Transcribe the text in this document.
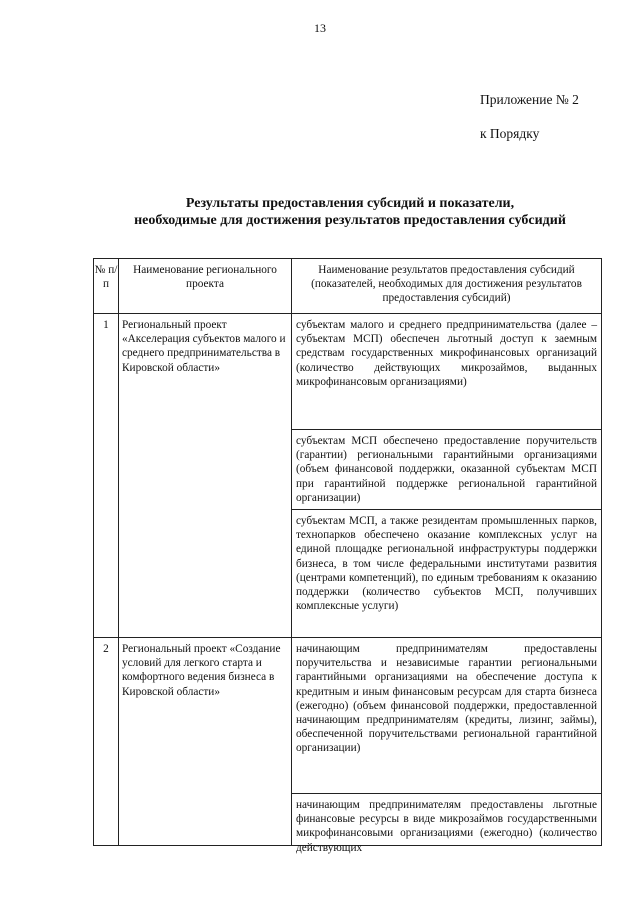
13
Приложение № 2
к Порядку
Результаты предоставления субсидий и показатели,
необходимые для достижения результатов предоставления субсидий
№ п/п	Наименование регионального проекта	Наименование результатов предоставления субсидий (показателей, необходимых для достижения результатов предоставления субсидий)
1	Региональный проект «Акселерация субъектов малого и среднего предпринимательства в Кировской области»	субъектам малого и среднего предпринимательства (далее – субъектам МСП) обеспечен льготный доступ к заемным средствам государственных микрофинансовых организаций (количество действующих микрозаймов, выданных микрофинансовым организациями)
		субъектам МСП обеспечено предоставление поручительств (гарантии) региональными гарантийными организациями (объем финансовой поддержки, оказанной субъектам МСП при гарантийной поддержке региональной гарантийной организации)
		субъектам МСП, а также резидентам промышленных парков, технопарков обеспечено оказание комплексных услуг на единой площадке региональной инфраструктуры поддержки бизнеса, в том числе федеральными институтами развития (центрами компетенций), по единым требованиям к оказанию поддержки (количество субъектов МСП, получивших комплексные услуги)
2	Региональный проект «Создание условий для легкого старта и комфортного ведения бизнеса в Кировской области»	начинающим предпринимателям предоставлены поручительства и независимые гарантии региональными гарантийными организациями на обеспечение доступа к кредитным и иным финансовым ресурсам для старта бизнеса (ежегодно) (объем финансовой поддержки, предоставленной начинающим предпринимателям (кредиты, лизинг, займы), обеспеченной поручительствами региональной гарантийной организации)

		начинающим предпринимателям предоставлены льготные финансовые ресурсы в виде микрозаймов государственными микрофинансовыми организациями (ежегодно) (количество действующих
